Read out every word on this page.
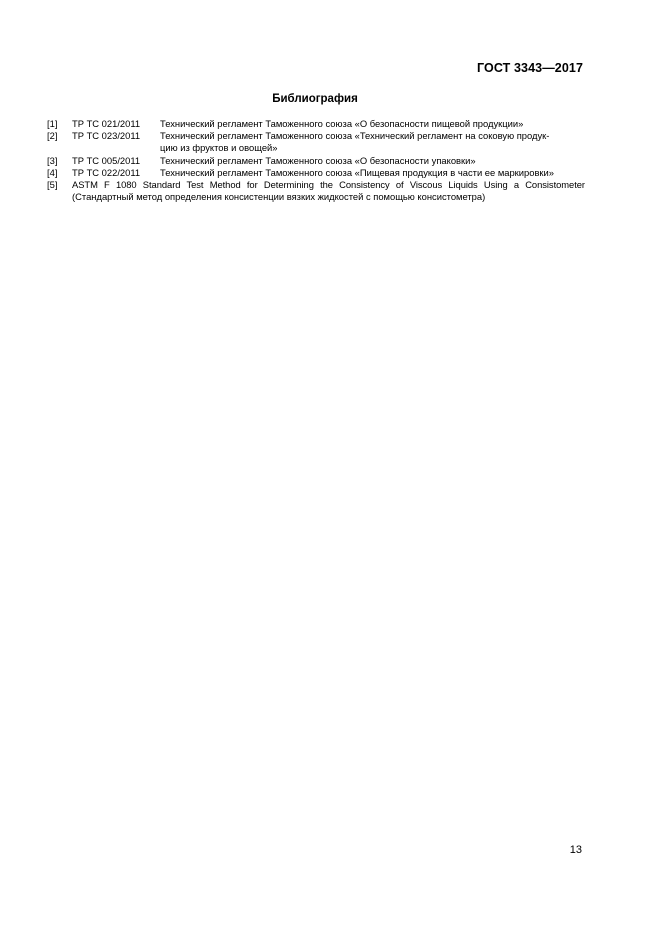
ГОСТ 3343—2017
Библиография
[1]	ТР ТС 021/2011	Технический регламент Таможенного союза «О безопасности пищевой продукции»
[2]	ТР ТС 023/2011	Технический регламент Таможенного союза «Технический регламент на соковую продук-
цию из фруктов и овощей»
[3]	ТР ТС 005/2011	Технический регламент Таможенного союза «О безопасности упаковки»
[4]	ТР ТС 022/2011	Технический регламент Таможенного союза «Пищевая продукция в части ее маркировки»
[5]	ASTM F 1080 Standard Test Method for Determining the Consistency of Viscous Liquids Using a Consistometer
(Стандартный метод определения консистенции вязких жидкостей с помощью консистометра)
13
